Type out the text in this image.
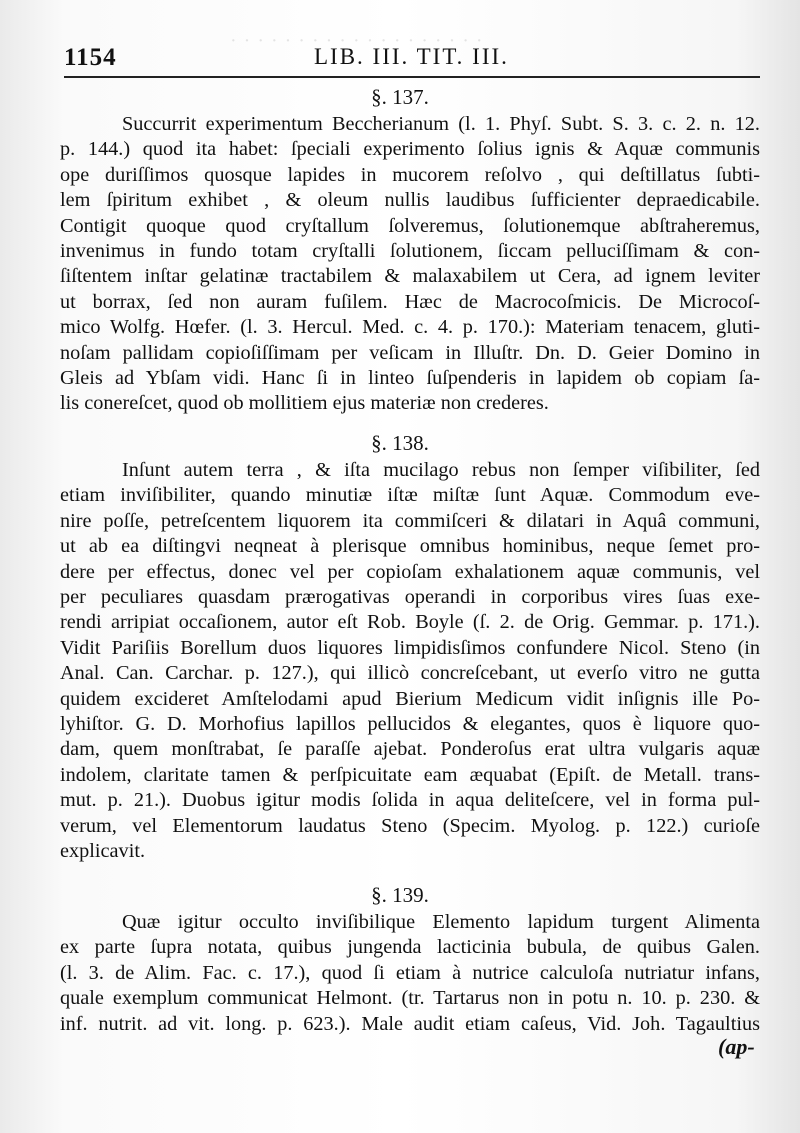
· · · · · · · · · · · · · · · · · · ·
1154	LIB. III. TIT. III.
§. 137.
Succurrit experimentum Beccherianum (l. 1. Phyſ. Subt. S. 3. c. 2. n. 12.
p. 144.) quod ita habet: ſpeciali experimento ſolius ignis & Aquæ communis
ope duriſſimos quosque lapides in mucorem reſolvo , qui deſtillatus ſubti-
lem ſpiritum exhibet , & oleum nullis laudibus ſufficienter depraedicabile.
Contigit quoque quod cryſtallum ſolveremus, ſolutionemque abſtraheremus,
invenimus in fundo totam cryſtalli ſolutionem, ſiccam pelluciſſimam & con-
ſiſtentem inſtar gelatinæ tractabilem & malaxabilem ut Cera, ad ignem leviter
ut borrax, ſed non auram fuſilem. Hæc de Macrocoſmicis. De Microcoſ-
mico Wolfg. Hœfer. (l. 3. Hercul. Med. c. 4. p. 170.): Materiam tenacem, gluti-
noſam pallidam copioſiſſimam per veſicam in Illuſtr. Dn. D. Geier Domino in
Gleis ad Ybſam vidi. Hanc ſi in linteo ſuſpenderis in lapidem ob copiam ſa-
lis conereſcet, quod ob mollitiem ejus materiæ non crederes.
§. 138.
Inſunt autem terra , & iſta mucilago rebus non ſemper viſibiliter, ſed
etiam inviſibiliter, quando minutiæ iſtæ miſtæ ſunt Aquæ. Commodum eve-
nire poſſe, petreſcentem liquorem ita commiſceri & dilatari in Aquâ communi,
ut ab ea diſtingvi neqneat à plerisque omnibus hominibus, neque ſemet pro-
dere per effectus, donec vel per copioſam exhalationem aquæ communis, vel
per peculiares quasdam prærogativas operandi in corporibus vires ſuas exe-
rendi arripiat occaſionem, autor eſt Rob. Boyle (ſ. 2. de Orig. Gemmar. p. 171.).
Vidit Pariſiis Borellum duos liquores limpidisſimos confundere Nicol. Steno (in
Anal. Can. Carchar. p. 127.), qui illicò concreſcebant, ut everſo vitro ne gutta
quidem excideret Amſtelodami apud Bierium Medicum vidit inſignis ille Po-
lyhiſtor. G. D. Morhofius lapillos pellucidos & elegantes, quos è liquore quo-
dam, quem monſtrabat, ſe paraſſe ajebat. Ponderoſus erat ultra vulgaris aquæ
indolem, claritate tamen & perſpicuitate eam æquabat (Epiſt. de Metall. trans-
mut. p. 21.). Duobus igitur modis ſolida in aqua deliteſcere, vel in forma pul-
verum, vel Elementorum laudatus Steno (Specim. Myolog. p. 122.) curioſe
explicavit.
§. 139.
Quæ igitur occulto inviſibilique Elemento lapidum turgent Alimenta
ex parte ſupra notata, quibus jungenda lacticinia bubula, de quibus Galen.
(l. 3. de Alim. Fac. c. 17.), quod ſi etiam à nutrice calculoſa nutriatur infans,
quale exemplum communicat Helmont. (tr. Tartarus non in potu n. 10. p. 230. &
inf. nutrit. ad vit. long. p. 623.). Male audit etiam caſeus, Vid. Joh. Tagaultius
(ap-
